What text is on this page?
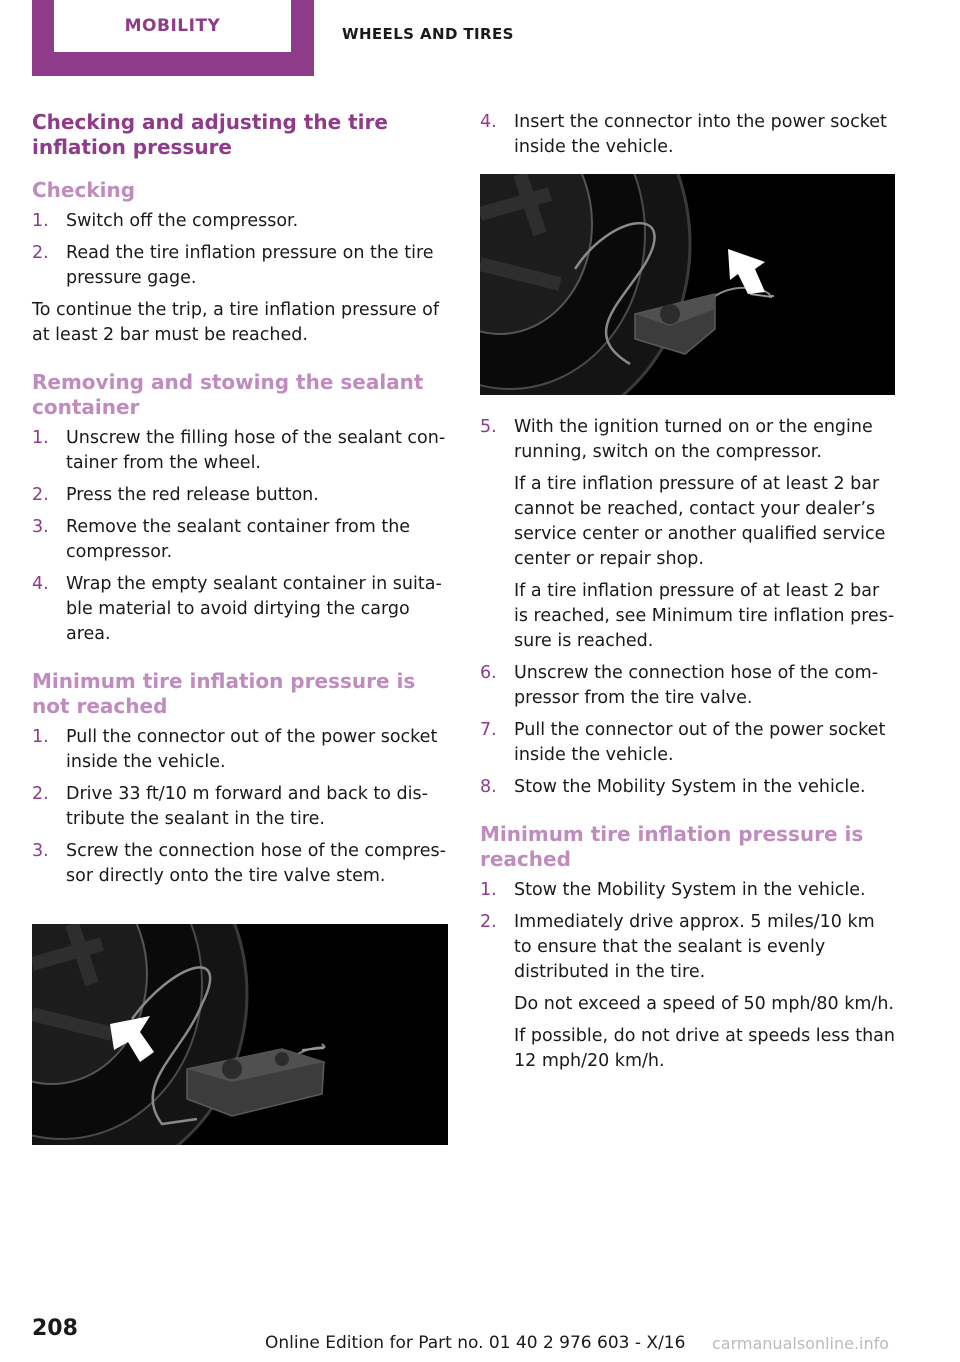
MOBILITY	WHEELS AND TIRES
Checking and adjusting the tire inflation pressure
Checking
1. Switch off the compressor.
2. Read the tire inflation pressure on the tire pressure gage.

To continue the trip, a tire inflation pressure of at least 2 bar must be reached.

Removing and stowing the sealant container
1. Unscrew the filling hose of the sealant con‐tainer from the wheel.
2. Press the red release button.
3. Remove the sealant container from the compressor.
4. Wrap the empty sealant container in suita‐ble material to avoid dirtying the cargo area.
Minimum tire inflation pressure is not reached
1. Pull the connector out of the power socket inside the vehicle.
2. Drive 33 ft/10 m forward and back to dis‐tribute the sealant in the tire.
3. Screw the connection hose of the compres‐sor directly onto the tire valve stem.
4. Insert the connector into the power socket inside the vehicle.
5. With the ignition turned on or the engine running, switch on the compressor.

If a tire inflation pressure of at least 2 bar cannot be reached, contact your dealer’s service center or another qualified service center or repair shop.

If a tire inflation pressure of at least 2 bar is reached, see Minimum tire inflation pres‐sure is reached.

6. Unscrew the connection hose of the com‐pressor from the tire valve.
7. Pull the connector out of the power socket inside the vehicle.
8. Stow the Mobility System in the vehicle.
Minimum tire inflation pressure is reached
1. Stow the Mobility System in the vehicle.
2. Immediately drive approx. 5 miles/10 km to ensure that the sealant is evenly distributed in the tire.

Do not exceed a speed of 50 mph/80 km/h.

If possible, do not drive at speeds less than 12 mph/20 km/h.

208
Online Edition for Part no. 01 40 2 976 603 - X/16 carmanualsonline.info
